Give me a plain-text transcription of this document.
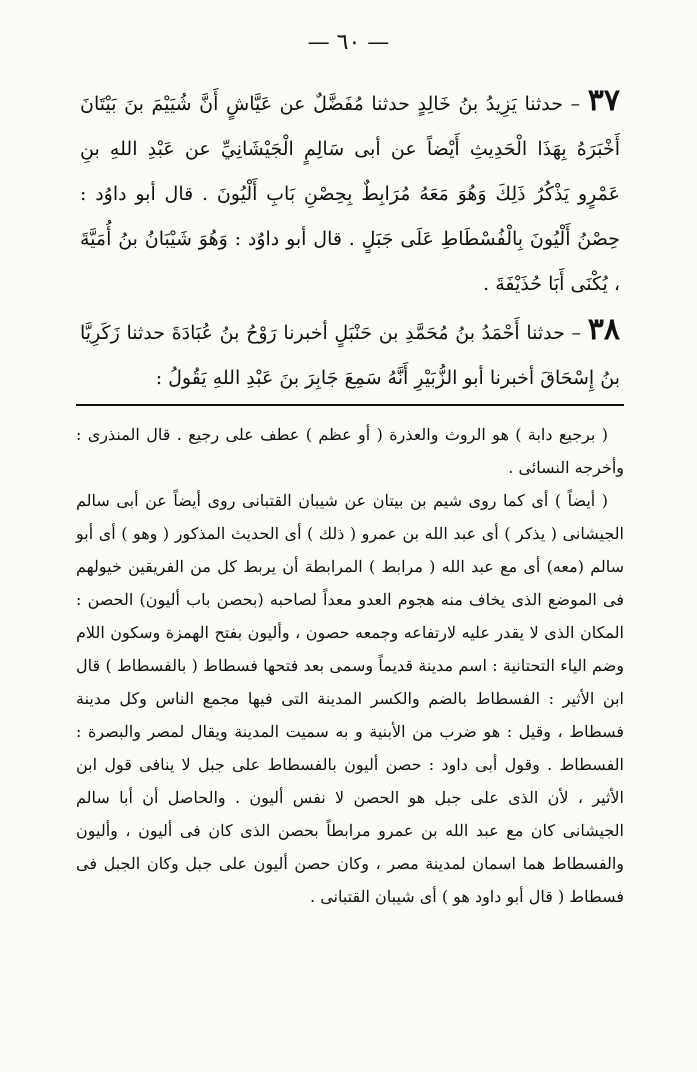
— ٦٠ —
٣٧ – حدثنا يَزِيدُ بنُ خَالِدٍ حدثنا مُفَضَّلٌ عن عَيَّاشٍ أَنَّ شُيَيْمَ بنَ بَيْتَانَ أَخْبَرَهُ بِهَذَا الْحَدِيثِ أَيْضاً عن أبى سَالِمٍ الْجَيْشَانِيِّ عن عَبْدِ اللهِ بنِ عَمْرٍو يَذْكُرُ ذَلِكَ وَهُوَ مَعَهُ مُرَابِطٌ بِحِصْنِ بَابِ أَلْيُونَ . قال أبو داوُد : حِصْنُ أَلْيُونَ بِالْفُسْطَاطِ عَلَى جَبَلٍ . قال أبو داوُد : وَهُوَ شَيْبَانُ بنُ أُمَيَّةَ ، يُكْنَى أَبَا حُذَيْفَةَ .
٣٨ – حدثنا أَحْمَدُ بنُ مُحَمَّدِ بن حَنْبَلٍ أخبرنا رَوْحُ بنُ عُبَادَةَ حدثنا زَكَرِيَّا بنُ إِسْحَاقَ أخبرنا أبو الزُّبَيْرِ أَنَّهُ سَمِعَ جَابِرَ بنَ عَبْدِ اللهِ يَقُولُ :

( برجيع دابة ) هو الروث والعذرة ( أو عظم ) عطف على رجيع . قال المنذرى : وأخرجه النسائى .

( أيضاً ) أى كما روى شيم بن بيتان عن شيبان القتبانى روى أيضاً عن أبى سالم الجيشانى ( يذكر ) أى عبد الله بن عمرو ( ذلك ) أى الحديث المذكور ( وهو ) أى أبو سالم (معه) أى مع عبد الله ( مرابط ) المرابطة أن يربط كل من الفريقين خيولهم فى الموضع الذى يخاف منه هجوم العدو معداً لصاحبه (بحصن باب أليون) الحصن : المكان الذى لا يقدر عليه لارتفاعه وجمعه حصون ، وأليون بفتح الهمزة وسكون اللام وضم الياء التحتانية : اسم مدينة قديماً وسمى بعد فتحها فسطاط ( بالفسطاط ) قال ابن الأثير : الفسطاط بالضم والكسر المدينة التى فيها مجمع الناس وكل مدينة فسطاط ، وقيل : هو ضرب من الأبنية و به سميت المدينة ويقال لمصر والبصرة : الفسطاط . وقول أبى داود : حصن أليون بالفسطاط على جبل لا ينافى قول ابن الأثير ، لأن الذى على جبل هو الحصن لا نفس أليون . والحاصل أن أبا سالم الجيشانى كان مع عبد الله بن عمرو مرابطاً بحصن الذى كان فى أليون ، وأليون والفسطاط هما اسمان لمدينة مصر ، وكان حصن أليون على جبل وكان الجبل فى فسطاط ( قال أبو داود هو ) أى شيبان القتبانى .
